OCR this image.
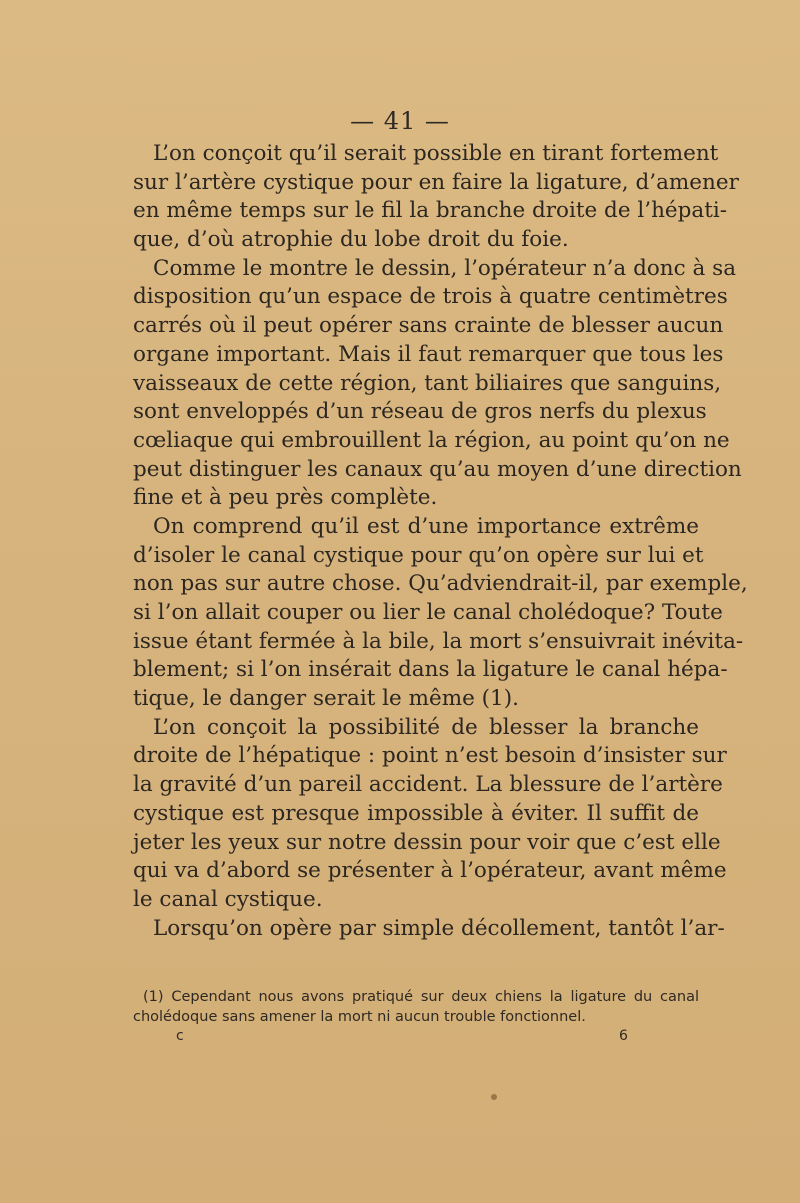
— 41 —
L’on conçoit qu’il serait possible en tirant fortement
sur l’artère cystique pour en faire la ligature, d’amener
en même temps sur le fil la branche droite de l’hépati-
que, d’où atrophie du lobe droit du foie.
Comme le montre le dessin, l’opérateur n’a donc à sa
disposition qu’un espace de trois à quatre centimètres
carrés où il peut opérer sans crainte de blesser aucun
organe important. Mais il faut remarquer que tous les
vaisseaux de cette région, tant biliaires que sanguins,
sont enveloppés d’un réseau de gros nerfs du plexus
cœliaque qui embrouillent la région, au point qu’on ne
peut distinguer les canaux qu’au moyen d’une direction
fine et à peu près complète.
On comprend qu’il est d’une importance extrême
d’isoler le canal cystique pour qu’on opère sur lui et
non pas sur autre chose. Qu’adviendrait-il, par exemple,
si l’on allait couper ou lier le canal cholédoque? Toute
issue étant fermée à la bile, la mort s’ensuivrait inévita-
blement; si l’on insérait dans la ligature le canal hépa-
tique, le danger serait le même (1).
L’on conçoit la possibilité de blesser la branche
droite de l’hépatique : point n’est besoin d’insister sur
la gravité d’un pareil accident. La blessure de l’artère
cystique est presque impossible à éviter. Il suffit de
jeter les yeux sur notre dessin pour voir que c’est elle
qui va d’abord se présenter à l’opérateur, avant même
le canal cystique.
Lorsqu’on opère par simple décollement, tantôt l’ar-
(1) Cependant nous avons pratiqué sur deux chiens la ligature du canal
cholédoque sans amener la mort ni aucun trouble fonctionnel.
c	6
